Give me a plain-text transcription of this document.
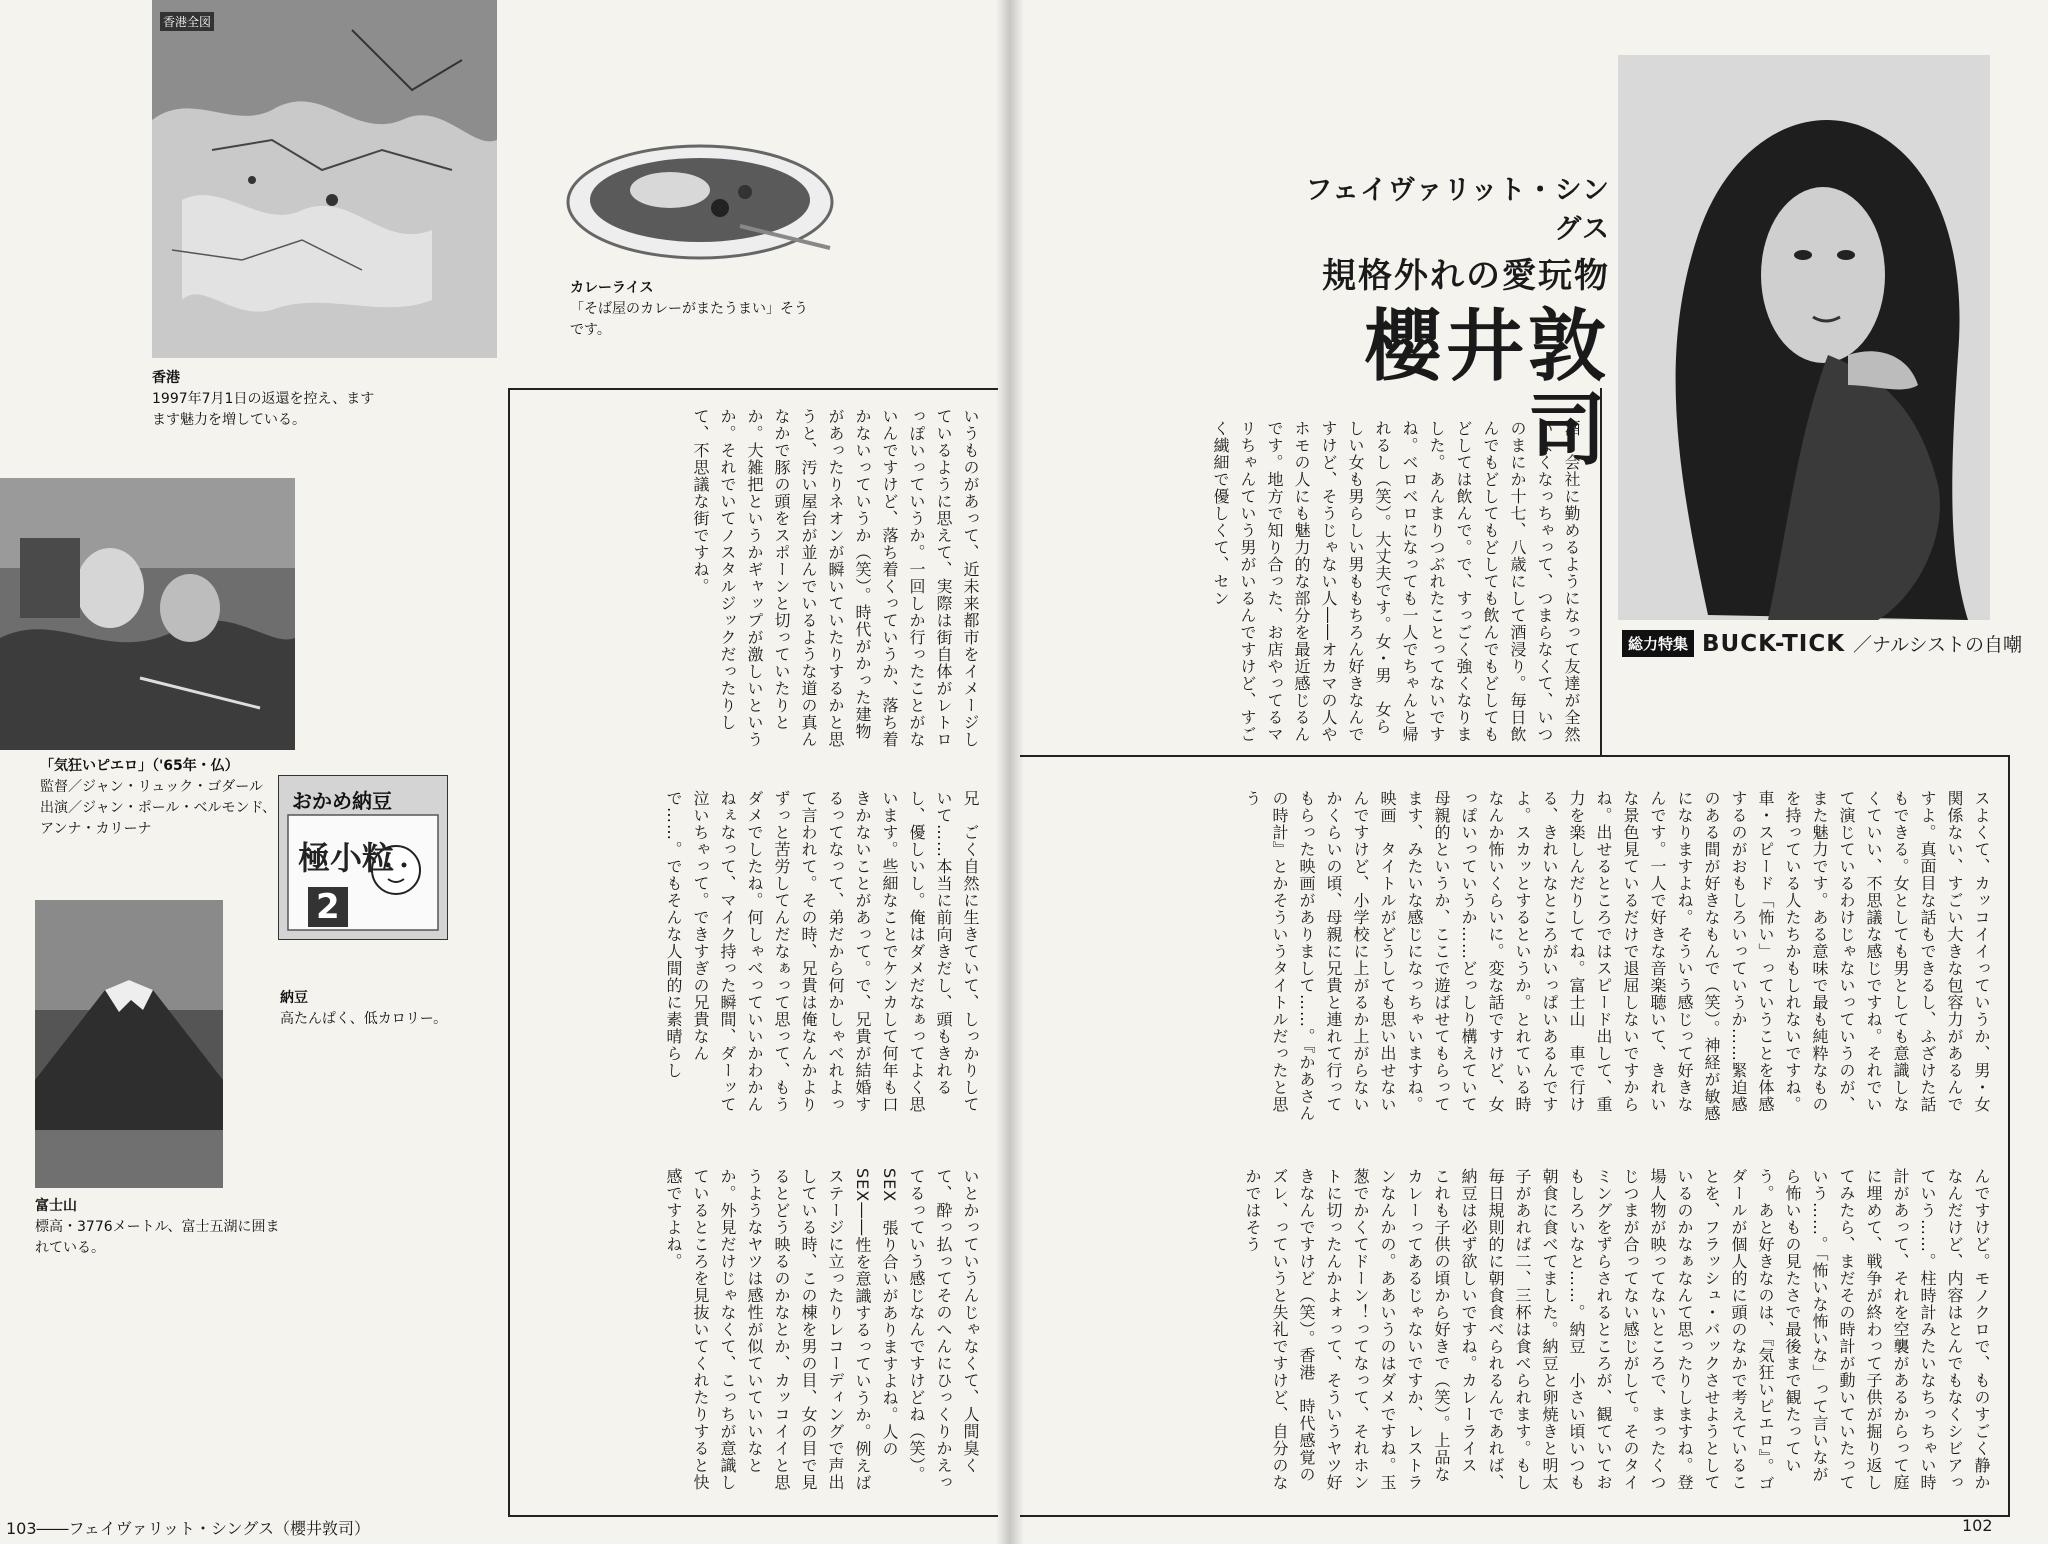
香港全図
香港
1997年7月1日の返還を控え、ますます魅力を増している。
カレーライス
「そば屋のカレーがまたうまい」そうです。
「気狂いピエロ」（'65年・仏）
監督／ジャン・リュック・ゴダール　出演／ジャン・ポール・ベルモンド、アンナ・カリーナ
おかめ納豆
極小粒
2
納豆
高たんぱく、低カロリー。
富士山
標高・3776メートル、富士五湖に囲まれている。
いうものがあって、近未来都市をイメージしているように思えて、実際は街自体がレトロっぽいっていうか。一回しか行ったことがないんですけど、落ち着くっていうか、落ち着かないっていうか（笑）。時代がかった建物があったりネオンが瞬いていたりするかと思うと、汚い屋台が並んでいるような道の真んなかで豚の頭をスポーンと切っていたりとか。大雑把というかギャップが激しいというか。それでいてノスタルジックだったりして、不思議な街ですね。
兄　ごく自然に生きていて、しっかりしていて……本当に前向きだし、頭もきれるし、優しいし。俺はダメだなぁってよく思います。些細なことでケンカして何年も口きかないことがあって。で、兄貴が結婚するってなって、弟だから何かしゃべれよって言われて。その時、兄貴は俺なんかよりずっと苦労してんだなぁって思って、もうダメでしたね。何しゃべっていいかわかんねぇなって、マイク持った瞬間、ダーッて泣いちゃって。できすぎの兄貴なんで……。でもそんな人間的に素晴らし
いとかっていうんじゃなくて、人間臭くて、酔っ払ってそのへんにひっくりかえってるっていう感じなんですけどね（笑）。SEX　張り合いがありますよね。人のSEX――性を意識するっていうか。例えばステージに立ったりレコーディングで声出している時、この棟を男の目、女の目で見るとどう映るのかなとか、カッコイイと思うようなヤツは感性が似ていていいなとか。外見だけじゃなくて、こっちが意識しているところを見抜いてくれたりすると快感ですよね。
103――フェイヴァリット・シングス（櫻井敦司）
フェイヴァリット・シングス
規格外れの愛玩物
櫻井敦司
総力特集 BUCK-TICK ／ナルシストの自嘲
酒　会社に勤めるようになって友達が全然いなくなっちゃって、つまらなくて、いつのまにか十七、八歳にして酒浸り。毎日飲んでもどしてもどしても飲んでもどしてもどしては飲んで。で、すっごく強くなりました。あんまりつぶれたことってないですね。ベロベロになっても一人でちゃんと帰れるし（笑）。大丈夫です。女・男　女らしい女も男らしい男ももちろん好きなんですけど、そうじゃない人――オカマの人やホモの人にも魅力的な部分を最近感じるんです。地方で知り合った、お店やってるマリちゃんていう男がいるんですけど、すごく繊細で優しくて、セン
スよくて、カッコイイっていうか、男・女関係ない、すごい大きな包容力があるんですよ。真面目な話もできるし、ふざけた話もできる。女としても男としても意識しなくていい、不思議な感じですね。それでいて演じているわけじゃないっていうのが、また魅力です。ある意味で最も純粋なものを持っている人たちかもしれないですね。車・スピード「怖い」っていうことを体感するのがおもしろいっていうか……緊迫感のある間が好きなもんで（笑）。神経が敏感になりますよね。そういう感じって好きなんです。一人で好きな音楽聴いて、きれいな景色見ているだけで退屈しないですからね。出せるところではスピード出して、重力を楽しんだりしてね。富士山　車で行ける、きれいなところがいっぱいあるんですよ。スカッとするというか。とれている時なんか怖いくらいに。変な話ですけど、女っぽいっていうか……どっしり構えていて母親的というか、ここで遊ばせてもらってます、みたいな感じになっちゃいますね。映画　タイトルがどうしても思い出せないんですけど、小学校に上がるか上がらないかくらいの頃、母親に兄貴と連れて行ってもらった映画がありまして……。『かあさんの時計』とかそういうタイトルだったと思う
んですけど。モノクロで、ものすごく静かなんだけど、内容はとんでもなくシビアっていう……。柱時計みたいなちっちゃい時計があって、それを空襲があるからって庭に埋めて、戦争が終わって子供が掘り返してみたら、まだその時計が動いていたっていう……。「怖いな怖いな」って言いながら怖いもの見たさで最後まで観たっていう。あと好きなのは、『気狂いピエロ』。ゴダールが個人的に頭のなかで考えていることを、フラッシュ・バックさせようとしているのかなぁなんて思ったりしますね。登場人物が映ってないところで、まったくつじつまが合ってない感じがして。そのタイミングをずらされるところが、観ていておもしろいなと……。納豆　小さい頃いつも朝食に食べてました。納豆と卵焼きと明太子があれば二、三杯は食べられます。もし毎日規則的に朝食食べられるんであれば、納豆は必ず欲しいですね。カレーライス　これも子供の頃から好きで（笑）。上品なカレーってあるじゃないですか、レストランなんかの。ああいうのはダメですね。玉葱でかくてドーン！ってなって、それホントに切ったんかよォって、そういうヤツ好きなんですけど（笑）。香港　時代感覚のズレ、っていうと失礼ですけど、自分のなかではそう
102
